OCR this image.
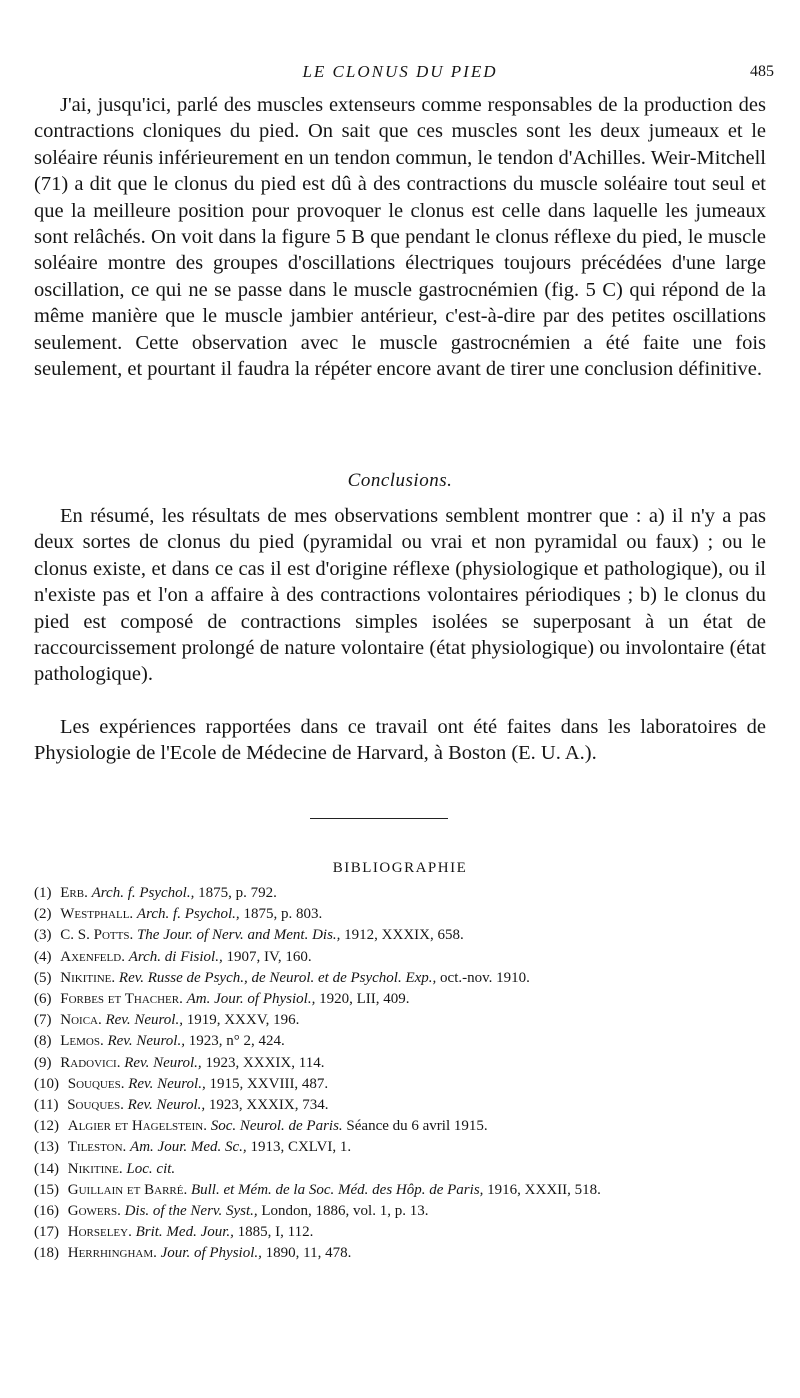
LE CLONUS DU PIED	485

J'ai, jusqu'ici, parlé des muscles extenseurs comme responsables de la production des contractions cloniques du pied. On sait que ces muscles sont les deux jumeaux et le soléaire réunis inférieurement en un tendon commun, le tendon d'Achilles. Weir-Mitchell (71) a dit que le clonus du pied est dû à des contractions du muscle soléaire tout seul et que la meilleure position pour provoquer le clonus est celle dans laquelle les jumeaux sont relâchés. On voit dans la figure 5 B que pendant le clonus réflexe du pied, le muscle soléaire montre des groupes d'oscillations électriques toujours précédées d'une large oscillation, ce qui ne se passe dans le muscle gastrocnémien (fig. 5 C) qui répond de la même manière que le muscle jambier antérieur, c'est-à-dire par des petites oscillations seulement. Cette observation avec le muscle gastrocnémien a été faite une fois seulement, et pourtant il faudra la répéter encore avant de tirer une conclusion définitive.

Conclusions.

En résumé, les résultats de mes observations semblent montrer que : a) il n'y a pas deux sortes de clonus du pied (pyramidal ou vrai et non pyramidal ou faux) ; ou le clonus existe, et dans ce cas il est d'origine réflexe (physiologique et pathologique), ou il n'existe pas et l'on a affaire à des contractions volontaires périodiques ; b) le clonus du pied est composé de contractions simples isolées se superposant à un état de raccourcissement prolongé de nature volontaire (état physiologique) ou involontaire (état pathologique).

Les expériences rapportées dans ce travail ont été faites dans les laboratoires de Physiologie de l'Ecole de Médecine de Harvard, à Boston (E. U. A.).

BIBLIOGRAPHIE
(1) Erb. Arch. f. Psychol., 1875, p. 792.
(2) Westphall. Arch. f. Psychol., 1875, p. 803.
(3) C. S. Potts. The Jour. of Nerv. and Ment. Dis., 1912, XXXIX, 658.
(4) Axenfeld. Arch. di Fisiol., 1907, IV, 160.
(5) Nikitine. Rev. Russe de Psych., de Neurol. et de Psychol. Exp., oct.-nov. 1910.
(6) Forbes et Thacher. Am. Jour. of Physiol., 1920, LII, 409.
(7) Noica. Rev. Neurol., 1919, XXXV, 196.
(8) Lemos. Rev. Neurol., 1923, n° 2, 424.
(9) Radovici. Rev. Neurol., 1923, XXXIX, 114.
(10) Souques. Rev. Neurol., 1915, XXVIII, 487.
(11) Souques. Rev. Neurol., 1923, XXXIX, 734.
(12) Algier et Hagelstein. Soc. Neurol. de Paris. Séance du 6 avril 1915.
(13) Tileston. Am. Jour. Med. Sc., 1913, CXLVI, 1.
(14) Nikitine. Loc. cit.
(15) Guillain et Barré. Bull. et Mém. de la Soc. Méd. des Hôp. de Paris, 1916, XXXII, 518.
(16) Gowers. Dis. of the Nerv. Syst., London, 1886, vol. 1, p. 13.
(17) Horseley. Brit. Med. Jour., 1885, I, 112.
(18) Herrhingham. Jour. of Physiol., 1890, 11, 478.
